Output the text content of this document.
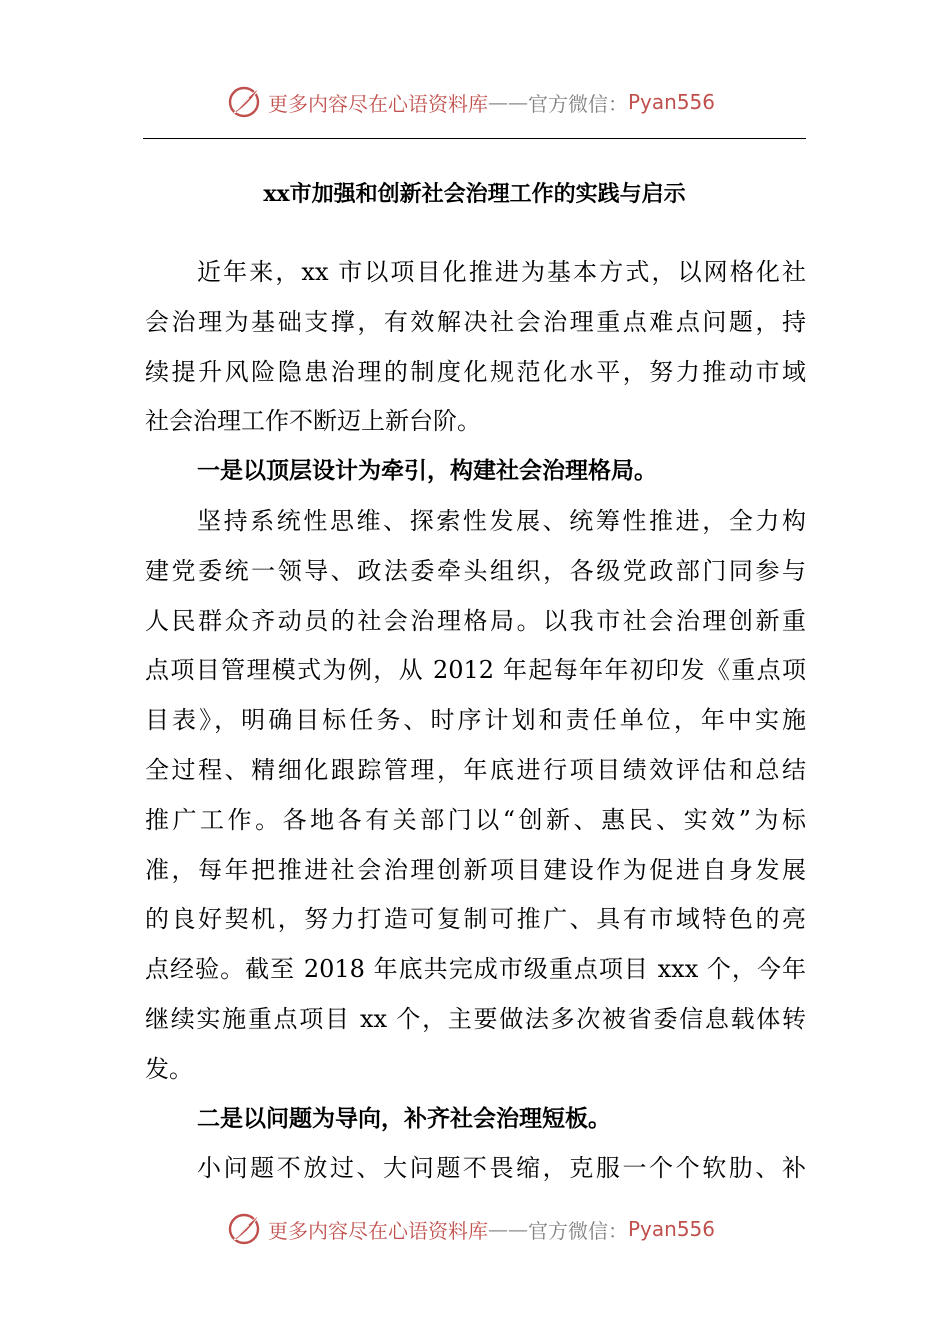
更多内容尽在心语资料库 —— 官方微信： Pyan556
xx市加强和创新社会治理工作的实践与启示
近年来，xx 市以项目化推进为基本方式，以网格化社
会治理为基础支撑，有效解决社会治理重点难点问题，持
续提升风险隐患治理的制度化规范化水平，努力推动市域
社会治理工作不断迈上新台阶。
一是以顶层设计为牵引，构建社会治理格局。
坚持系统性思维、探索性发展、统筹性推进，全力构
建党委统一领导、政法委牵头组织，各级党政部门同参与
人民群众齐动员的社会治理格局。以我市社会治理创新重
点项目管理模式为例，从 2012 年起每年年初印发《重点项
目表》，明确目标任务、时序计划和责任单位，年中实施
全过程、精细化跟踪管理，年底进行项目绩效评估和总结
推广工作。各地各有关部门以“创新、惠民、实效”为标
准，每年把推进社会治理创新项目建设作为促进自身发展
的良好契机，努力打造可复制可推广、具有市域特色的亮
点经验。截至 2018 年底共完成市级重点项目 xxx 个，今年
继续实施重点项目 xx 个，主要做法多次被省委信息载体转
发。
二是以问题为导向，补齐社会治理短板。
小问题不放过、大问题不畏缩，克服一个个软肋、补
更多内容尽在心语资料库 —— 官方微信： Pyan556
